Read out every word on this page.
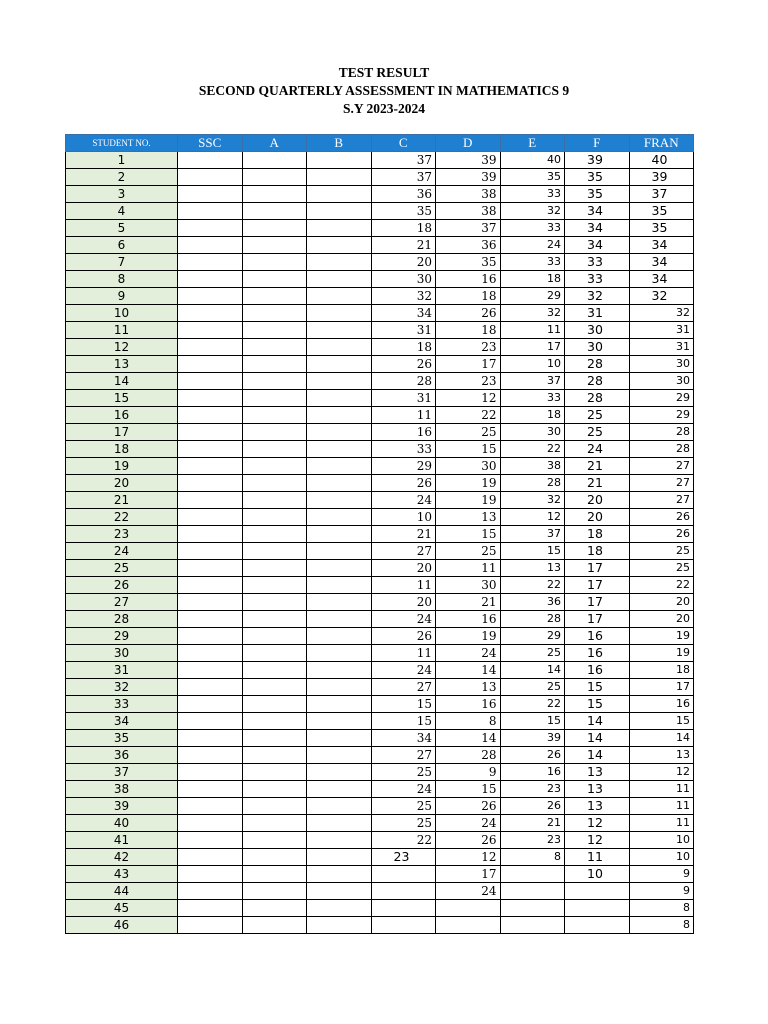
TEST RESULT
SECOND QUARTERLY ASSESSMENT IN MATHEMATICS 9
S.Y 2023-2024
STUDENT NO.	SSC	A	B	C	D	E	F	FRAN
1				37	39	40	39	40
2				37	39	35	35	39
3				36	38	33	35	37
4				35	38	32	34	35
5				18	37	33	34	35
6				21	36	24	34	34
7				20	35	33	33	34
8				30	16	18	33	34
9				32	18	29	32	32
10				34	26	32	31	32
11				31	18	11	30	31
12				18	23	17	30	31
13				26	17	10	28	30
14				28	23	37	28	30
15				31	12	33	28	29
16				11	22	18	25	29
17				16	25	30	25	28
18				33	15	22	24	28
19				29	30	38	21	27
20				26	19	28	21	27
21				24	19	32	20	27
22				10	13	12	20	26
23				21	15	37	18	26
24				27	25	15	18	25
25				20	11	13	17	25
26				11	30	22	17	22
27				20	21	36	17	20
28				24	16	28	17	20
29				26	19	29	16	19
30				11	24	25	16	19
31				24	14	14	16	18
32				27	13	25	15	17
33				15	16	22	15	16
34				15	8	15	14	15
35				34	14	39	14	14
36				27	28	26	14	13
37				25	9	16	13	12
38				24	15	23	13	11
39				25	26	26	13	11
40				25	24	21	12	11
41				22	26	23	12	10
42				23	12	8	11	10
43					17		10	9
44					24			9
45								8
46								8
